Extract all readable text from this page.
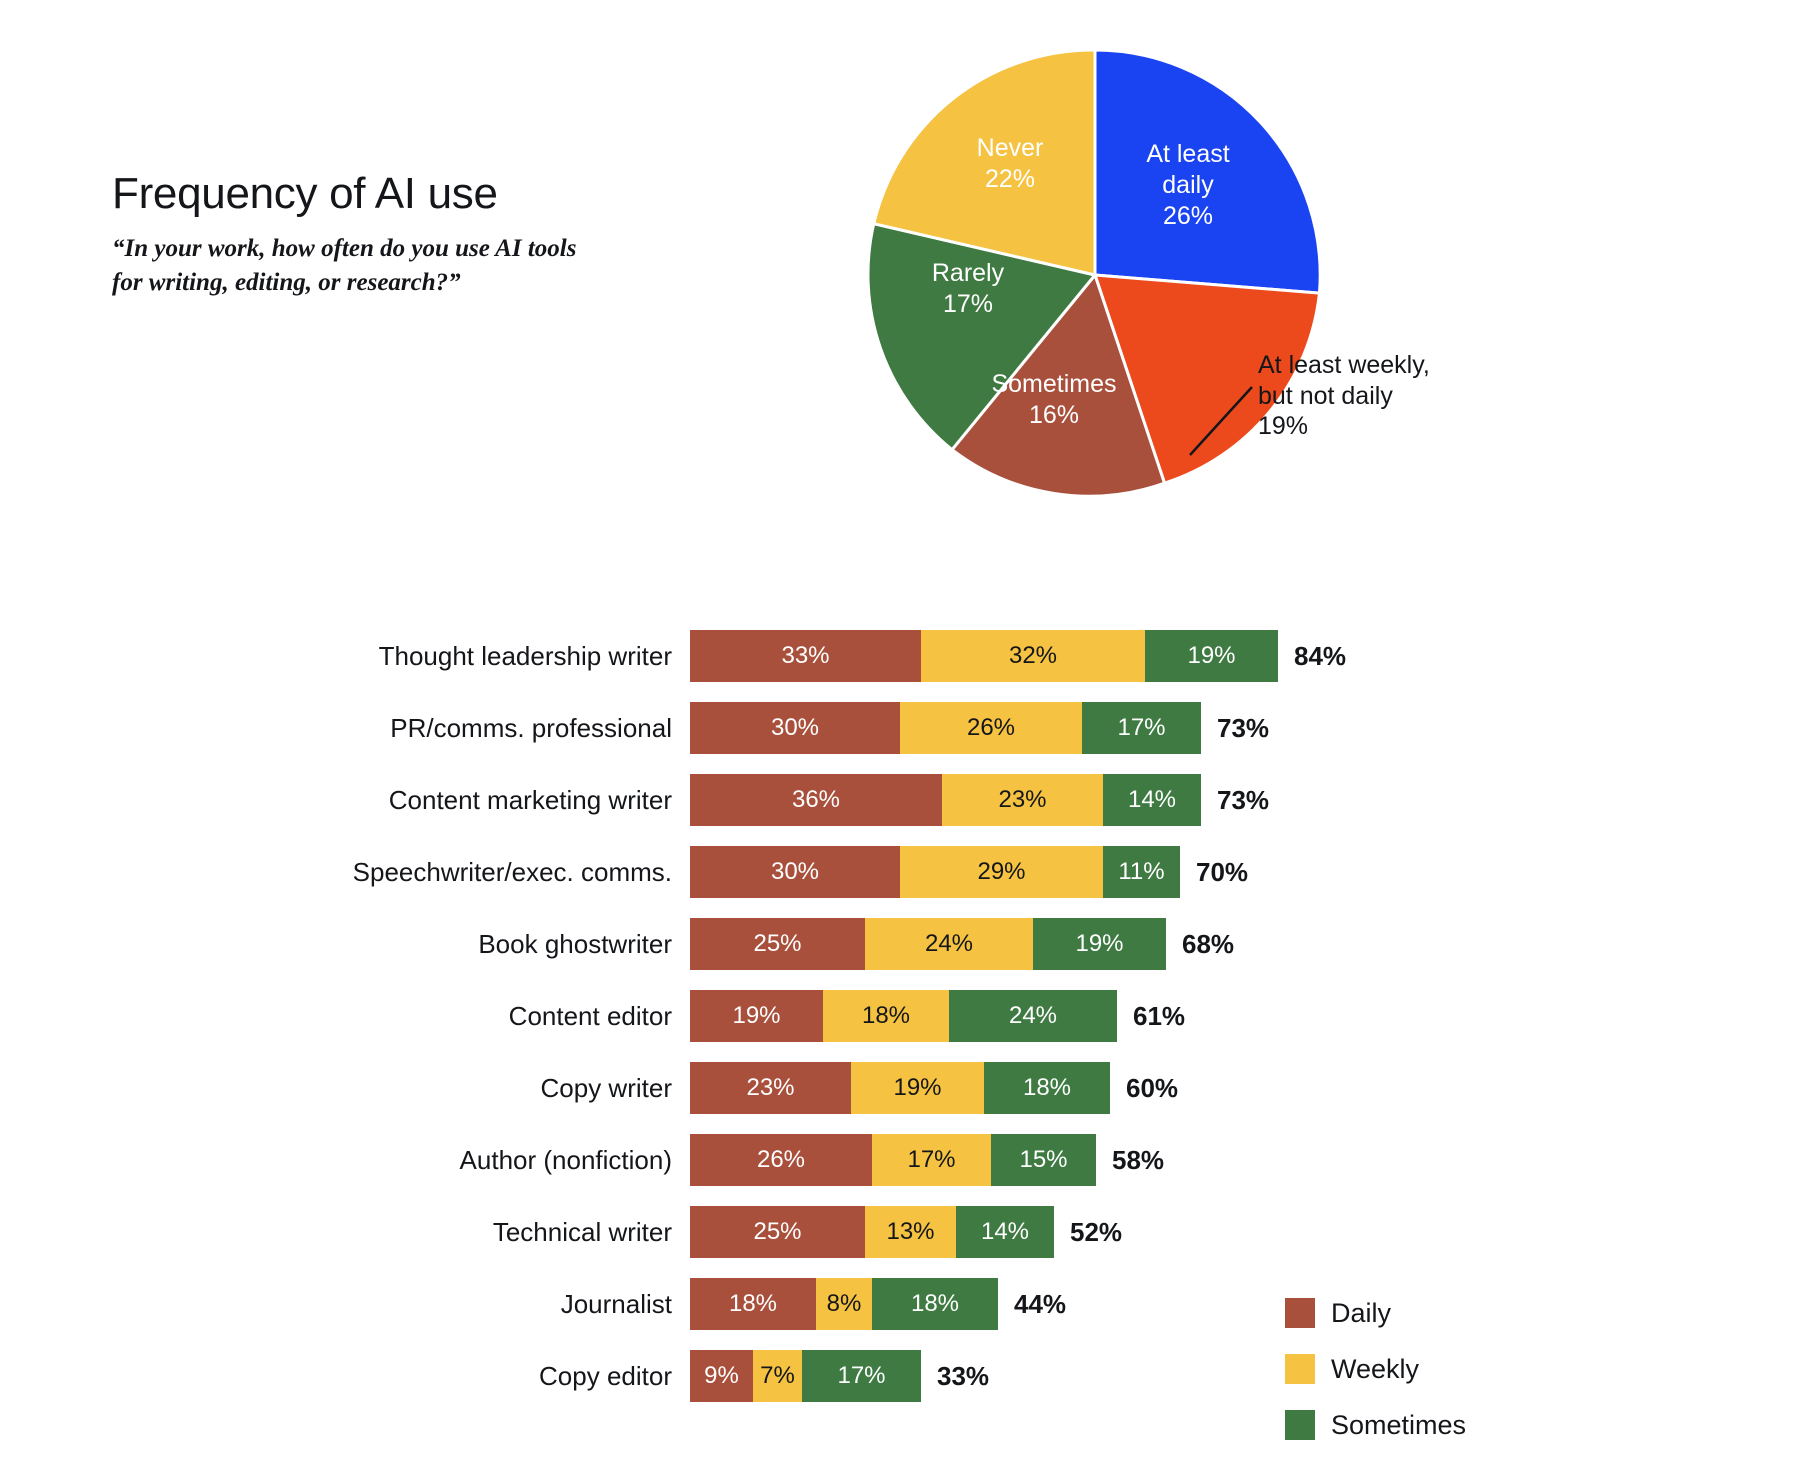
Frequency of AI use

“In your work, how often do you use AI tools for writing, editing, or research?”

At least
daily
26%
Never
22%
Rarely
17%
Sometimes
16%
At least weekly,
but not daily
19%
Thought leadership writer	33%	32%	19%	84%
PR/comms. professional	30%	26%	17%	73%
Content marketing writer	36%	23%	14%	73%
Speechwriter/exec. comms.	30%	29%	11%	70%
Book ghostwriter	25%	24%	19%	68%
Content editor	19%	18%	24%	61%
Copy writer	23%	19%	18%	60%
Author (nonfiction)	26%	17%	15%	58%
Technical writer	25%	13%	14%	52%
Journalist	18%	8%	18%	44%
Copy editor	9% 7%	17%	33%
Daily
Weekly
Sometimes
